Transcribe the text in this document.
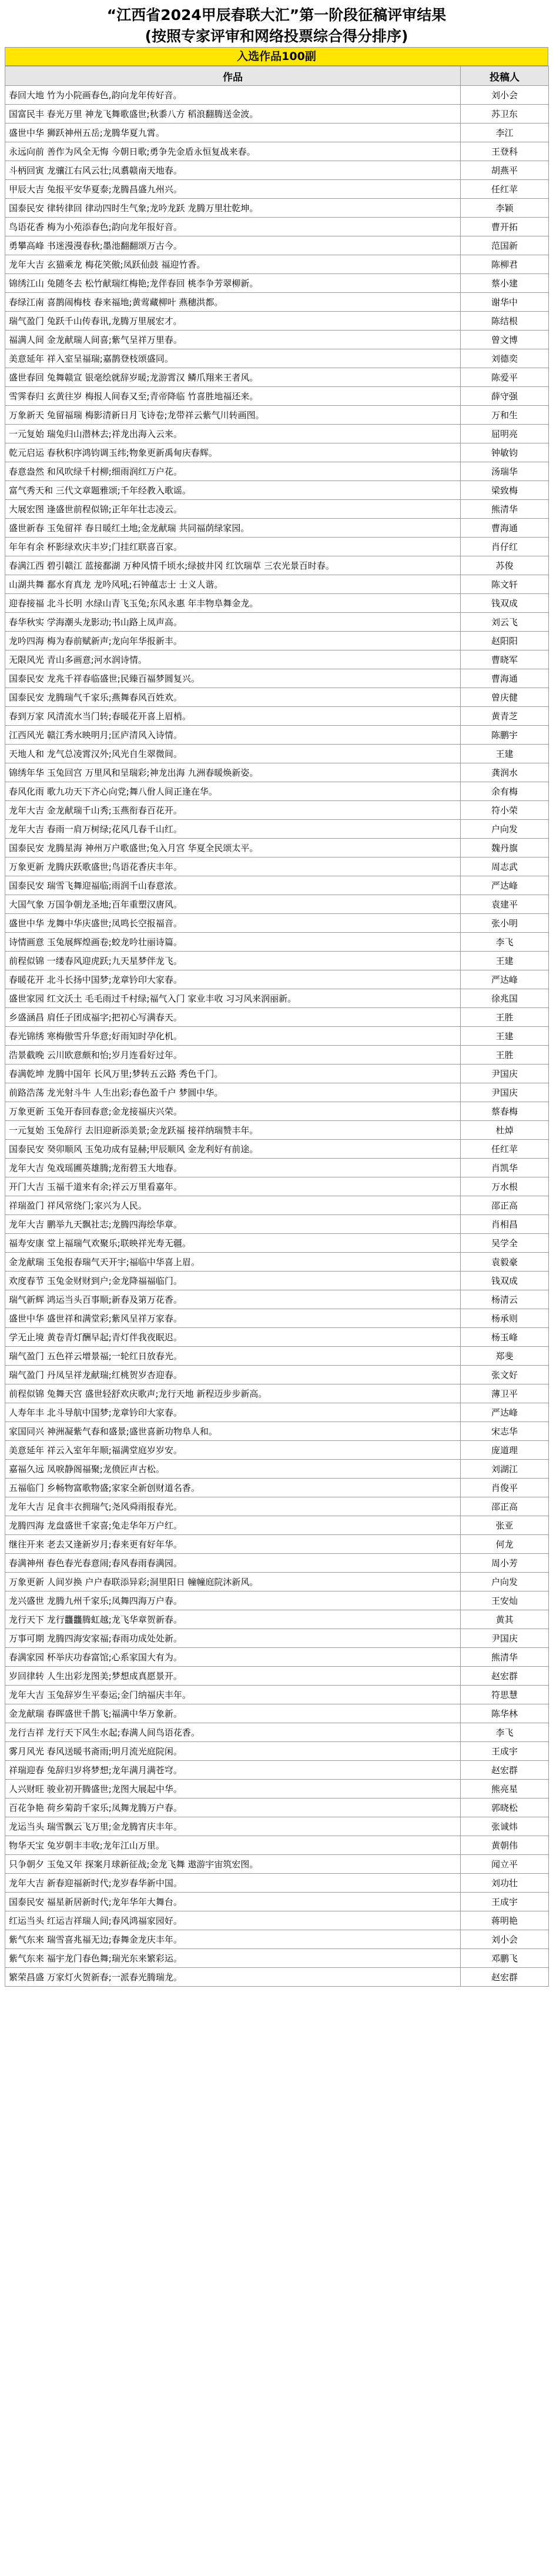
“江西省2024甲辰春联大汇”第一阶段征稿评审结果
(按照专家评审和网络投票综合得分排序)
入选作品100副
作品	投稿人
春回大地 竹为小院画春色,韵向龙年传好音。	刘小会
国富民丰 春光万里 神龙飞舞歌盛世;秋黍八方 稻浪翻腾送金波。	苏卫东
盛世中华 狮跃神州五岳;龙腾华夏九霄。	李江
永远向前 善作为风全无悔 今朝日歌;勇争先金盾永恒复战来春。	王登科
斗柄回寅 龙骧江右风云壮;凤翥赣南天地春。	胡燕平
甲辰大吉 兔报平安华夏泰;龙腾昌盛九州兴。	任红苹
国泰民安 律转律回 律动四时生气象;龙吟龙跃 龙腾万里壮乾坤。	李颖
鸟语花香 梅为小苑添春色;韵向龙年报好音。	曹开拓
勇攀高峰 书迷漫漫春秋;墨池翻翻颂万古今。	范国新
龙年大吉 玄猫乘龙 梅花笑傲;凤跃仙鼓 福迎竹香。	陈柳君
锦绣江山 兔随冬去 松竹献瑞红梅艳;龙伴春回 桃李争芳翠柳新。	蔡小建
春绿江南 喜鹊闹梅枝 春来福地;黄莺藏柳叶 燕穗洪都。	谢华中
瑞气盈门 兔跃千山传春讯,龙腾万里展宏才。	陈结根
福满人间 金龙献瑞人间喜;紫气呈祥万里春。	曾文博
美意延年 祥入室呈福瑞;嘉鹊登枝颂盛同。	刘德奕
盛世春回 兔舞赣宣 银毫绘就辞岁暖;龙游霄汉 鳞爪翔来王者风。	陈爱平
雪霁春归 玄黄往岁 梅报人间春又至;青帝降临 竹喜胜地福还来。	薛守强
万象新天 兔留福瑞 梅影清新日月飞诗卷;龙带祥云紫气川转画图。	万和生
一元复始 瑞兔归山潜林去;祥龙出海入云来。	屈明亮
乾元启运 春秋积序鸿钧调玉纬;物象更新禹甸庆春辉。	钟敏钧
春意盎然 和风吹绿千村柳;细雨润红万户花。	汤瑞华
富气秀天和 三代文章题雅颂;千年经教入歌谣。	梁致梅
大展宏图 逢盛世前程似锦;正年年壮志凌云。	熊清华
盛世新春 玉兔留祥 春日暖红土地;金龙献瑞 共同福荫绿家园。	曹海通
年年有余 杯影绿欢庆丰岁;门挂红联喜百家。	肖仔红
春满江西 碧引赣江 蓝接鄱湖 万种风情千顷水;绿披井冈 红饮瑞草 三农光景百时春。	苏俊
山湖共舞 鄱水育真龙 龙吟风吼;石钟蕴志士 士义人谐。	陈文轩
迎春接福 北斗长明 水绿山青飞玉兔;东风永惠 年丰物阜舞金龙。	钱双成
春华秋实 学海潮头龙影动;书山路上凤声高。	刘云飞
龙吟四海 梅为春前赋新声;龙向年华报新丰。	赵阳阳
无限风光 青山多画意;河水润诗情。	曹晓军
国泰民安 龙兆千祥春临盛世;民臻百福梦圆复兴。	曹海通
国泰民安 龙腾瑞气千家乐;燕舞春风百姓欢。	曾庆健
春到万家 风清流水当门转;春暖花开喜上眉梢。	黄青芝
江西风光 赣江秀水映明月;匡庐清风入诗情。	陈鹏宇
天地人和 龙气总凌霄汉外;风光自生翠微间。	王建
锦绣年华 玉兔回宫 万里风和呈瑞彩;神龙出海 九洲春暖焕新姿。	龚润水
春风化雨 歌九功天下齐心向党;舞八佾人间正逢在华。	余有梅
龙年大吉 金龙献瑞千山秀;玉燕衔春百花开。	符小荣
龙年大吉 春雨一肩万树绿;花风几春千山红。	户向发
国泰民安 龙腾星海 神州万户歌盛世;兔入月宫 华夏全民颂太平。	魏丹旗
万象更新 龙腾庆跃歌盛世;鸟语花香庆丰年。	周志武
国泰民安 瑞雪飞舞迎福临;雨润千山春意浓。	严达峰
大国气象 万国争朝龙圣地;百年重塑汉唐风。	袁建平
盛世中华 龙舞中华庆盛世;凤鸣长空报福音。	张小明
诗情画意 玉兔展辉煌画卷;蛟龙吟壮丽诗篇。	李飞
前程似锦 一缕春风迎虎跃;九天星梦伴龙飞。	王建
春暖花开 北斗长扬中国梦;龙章钤印大家春。	严达峰
盛世家园 红文沃土 毛毛雨过千村绿;福气入门 家业丰收 习习风来润丽新。	徐兆国
乡盛涵昌 肩任子团成福字;把初心写满春天。	王胜
春光锦绣 寒梅傲雪升华意;好雨知时孕化机。	王建
浩景截晚 云川欧意颇和怡;岁月连看好过年。	王胜
春满乾坤 龙腾中国年 长风万里;梦转五云路 秀色千门。	尹国庆
前路浩荡 龙光射斗牛 人生出彩;春色盈千户 梦圆中华。	尹国庆
万象更新 玉兔开春回春意;金龙接福庆兴荣。	蔡春梅
一元复始 玉兔辞行 去旧迎新添美景;金龙跃福 接祥纳瑞赞丰年。	杜焯
国泰民安 癸卯顺风 玉兔功成有显赫;甲辰顺风 金龙利好有前途。	任红苹
龙年大吉 兔戏瑶圃英雄腾;龙衔碧玉大地春。	肖凯华
开门大吉 玉福千道来有余;祥云万里看嘉年。	万水根
祥瑞盈门 祥风常绕门;家兴为人民。	邵正高
龙年大吉 鹏举九天飘社志;龙腾四海绘华章。	肖相昌
福寿安康 堂上福瑞气欢聚乐;联映祥光寿无疆。	吴学全
金龙献瑞 玉兔报春瑞气天开宇;福临中华喜上眉。	袁毅豪
欢度春节 玉兔金财财到户;金龙降福福临门。	钱双成
瑞气新辉 鸿运当头百事顺;新春及第万花香。	杨清云
盛世中华 盛世祥和满堂彩;紫风呈祥万家春。	杨承则
学无止境 黄卷青灯酬早起;青灯伴我夜眠迟。	杨玉峰
瑞气盈门 五色祥云增景福;一轮红日放春光。	郑斐
瑞气盈门 丹凤呈祥龙献瑞;红桃贺岁杏迎春。	张文好
前程似锦 兔舞天宫 盛世轻舒欢庆歌声;龙行天地 新程迈步步新高。	薄卫平
人寿年丰 北斗导航中国梦;龙章钤印大家春。	严达峰
家国同兴 神洲凝紫气春和盛景;盛世喜新功物阜人和。	宋志华
美意延年 祥云入室年年顺;福满堂庭岁岁安。	庞道理
嘉福久远 凤唳静阁福聚;龙偾匠声古松。	刘湖江
五福临门 乡畅物富歌物盛;家家全新创财道名香。	肖俊平
龙年大吉 足食丰衣拥瑞气;尧风舜雨报春光。	邵正高
龙腾四海 龙盘盛世千家喜;兔走华年万户红。	张亚
继往开来 老去又逢新岁月;春来更有好年华。	何龙
春满神州 春色春光春意闹;春风春雨春满园。	周小芳
万象更新 人间岁换 户户春联添异彩;洞里阳日 幢幢庭院沐新风。	户向发
龙兴盛世 龙腾九州千家乐;凤舞四海万户春。	王安灿
龙行天下 龙行龘龘腾虹越;龙飞华章贺新春。	黄其
万事可期 龙腾四海安家福;春雨功成处处新。	尹国庆
春满家园 杯举庆功春富馆;心系家国大有为。	熊清华
岁回律转 人生出彩龙图美;梦想成真愿景开。	赵宏群
龙年大吉 玉兔辞岁生平泰运;金门纳福庆丰年。	符思慧
金龙献瑞 春晖盛世千鹊飞;福满中华万象新。	陈华林
龙行吉祥 龙行天下风生水起;春满人间鸟语花香。	李飞
雾月风光 春风送暖书斋雨;明月流光庭院闲。	王成宇
祥瑞迎春 兔辞归岁将梦想;龙年满月满苍穹。	赵宏群
人兴财旺 骏业初开腾盛世;龙图大展起中华。	熊亮星
百花争艳 荷乡菊韵千家乐;凤舞龙腾万户春。	郭晓松
龙运当头 瑞雪飘云飞万里;金龙腾宵庆丰年。	张诚炜
物华天宝 兔岁朝丰丰收;龙年江山万里。	黄朝伟
只争朝夕 玉兔又年 探案月球新征战;金龙飞舞 遨游宇宙筑宏图。	闻立平
龙年大吉 新春迎福新时代;龙岁春华新中国。	刘功壮
国泰民安 福星新居新时代;龙年华年大舞台。	王成宇
红运当头 红运吉祥瑞人间;春风鸿福家园好。	蒋明艳
紫气东来 瑞雪喜兆福无边;春舞金龙庆丰年。	刘小会
紫气东来 福宇龙门春色舞;瑞光东来繁彩运。	邓鹏飞
繁荣昌盛 万家灯火贺新春;一派春光腾瑞龙。	赵宏群
